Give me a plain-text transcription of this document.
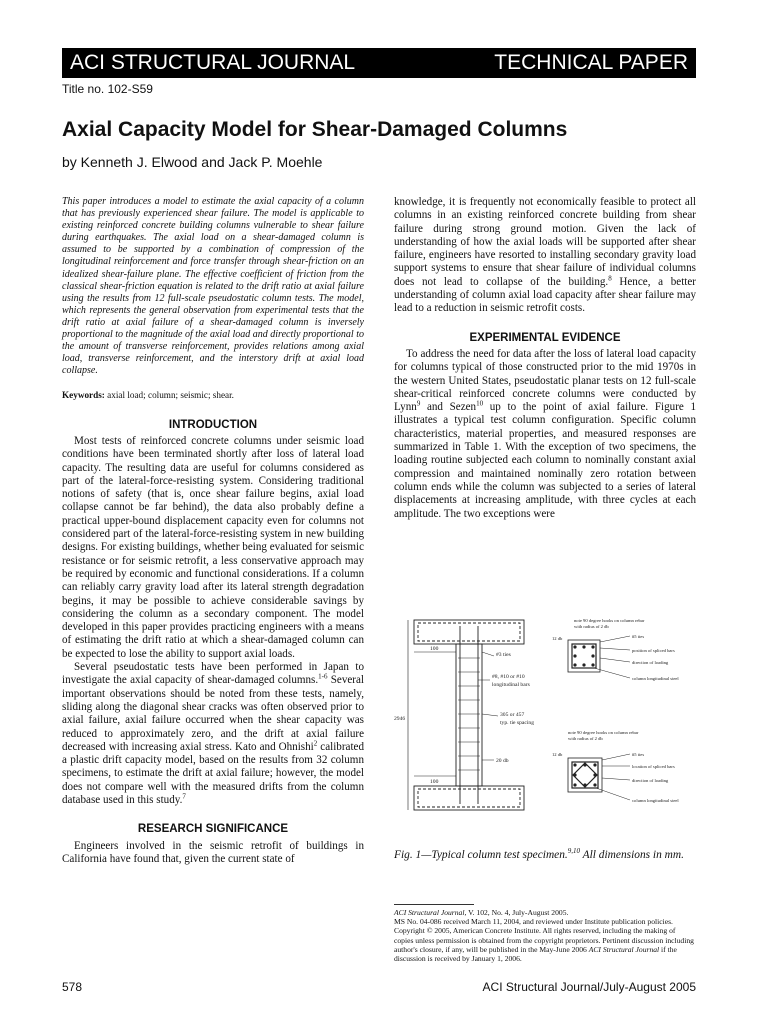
ACI STRUCTURAL JOURNAL	TECHNICAL PAPER
Title no. 102-S59
Axial Capacity Model for Shear-Damaged Columns
by Kenneth J. Elwood and Jack P. Moehle

This paper introduces a model to estimate the axial capacity of a column that has previously experienced shear failure. The model is applicable to existing reinforced concrete building columns vulnerable to shear failure during earthquakes. The axial load on a shear-damaged column is assumed to be supported by a combination of compression of the longitudinal reinforcement and force transfer through shear-friction on an idealized shear-failure plane. The effective coefficient of friction from the classical shear-friction equation is related to the drift ratio at axial failure using the results from 12 full-scale pseudostatic column tests. The model, which represents the general observation from experimental tests that the drift ratio at axial failure of a shear-damaged column is inversely proportional to the magnitude of the axial load and directly proportional to the amount of transverse reinforcement, provides relations among axial load, transverse reinforcement, and the interstory drift at axial load collapse.

Keywords: axial load; column; seismic; shear.

INTRODUCTION

Most tests of reinforced concrete columns under seismic load conditions have been terminated shortly after loss of lateral load capacity. The resulting data are useful for columns considered as part of the lateral-force-resisting system. Considering traditional notions of safety (that is, once shear failure begins, axial load collapse cannot be far behind), the data also probably define a practical upper-bound displacement capacity even for columns not considered part of the lateral-force-resisting system in new building designs. For existing buildings, whether being evaluated for seismic resistance or for seismic retrofit, a less conservative approach may be required by economic and functional considerations. If a column can reliably carry gravity load after its lateral strength degradation begins, it may be possible to achieve considerable savings by considering the column as a secondary component. The model developed in this paper provides practicing engineers with a means of estimating the drift ratio at which a shear-damaged column can be expected to lose the ability to support axial loads.

Several pseudostatic tests have been performed in Japan to investigate the axial capacity of shear-damaged columns.$^{1-6}$ Several important observations should be noted from these tests, namely, sliding along the diagonal shear cracks was often observed prior to axial failure, axial failure occurred when the shear capacity was reduced to approximately zero, and the drift at axial failure decreased with increasing axial stress. Kato and Ohnishi$^2$ calibrated a plastic drift capacity model, based on the results from 32 column specimens, to estimate the drift at axial failure; however, the model does not compare well with the measured drifts from the column database used in this study.$^7$

RESEARCH SIGNIFICANCE

Engineers involved in the seismic retrofit of buildings in California have found that, given the current state of

knowledge, it is frequently not economically feasible to protect all columns in an existing reinforced concrete building from shear failure during strong ground motion. Given the lack of understanding of how the axial loads will be supported after shear failure, engineers have resorted to installing secondary gravity load support systems to ensure that shear failure of individual columns does not lead to collapse of the building.$^8$ Hence, a better understanding of column axial load capacity after shear failure may lead to a reduction in seismic retrofit costs.

EXPERIMENTAL EVIDENCE

To address the need for data after the loss of lateral load capacity for columns typical of those constructed prior to the mid 1970s in the western United States, pseudostatic planar tests on 12 full-scale shear-critical reinforced concrete columns were conducted by Lynn$^9$ and Sezen$^{10}$ up to the point of axial failure. Figure 1 illustrates a typical test column configuration. Specific column characteristics, material properties, and measured responses are summarized in Table 1. With the exception of two specimens, the loading routine subjected each column to nominally constant axial compression and maintained nominally zero rotation between column ends while the column was subjected to a series of lateral displacements at increasing amplitude, with three cycles at each amplitude. The two exceptions were

100
2946
100
#3 ties
#8, #10 or #10
longitudinal bars
305 or 457
typ. tie spacing
20 db
note 90 degree hooks on column rebar
with radius of 2 db
12 db	#5 ties
position of spliced bars
direction of loading
column longitudinal steel
note 90 degree hooks on column rebar
with radius of 2 db
12 db	#5 ties
location of spliced bars
direction of loading
column longitudinal steel

Fig. 1—Typical column test specimen.$^{9,10}$ All dimensions in mm.

ACI Structural Journal, V. 102, No. 4, July-August 2005.
MS No. 04-086 received March 11, 2004, and reviewed under Institute publication policies. Copyright © 2005, American Concrete Institute. All rights reserved, including the making of copies unless permission is obtained from the copyright proprietors. Pertinent discussion including author's closure, if any, will be published in the May-June 2006 ACI Structural Journal if the discussion is received by January 1, 2006.

578	ACI Structural Journal/July-August 2005
